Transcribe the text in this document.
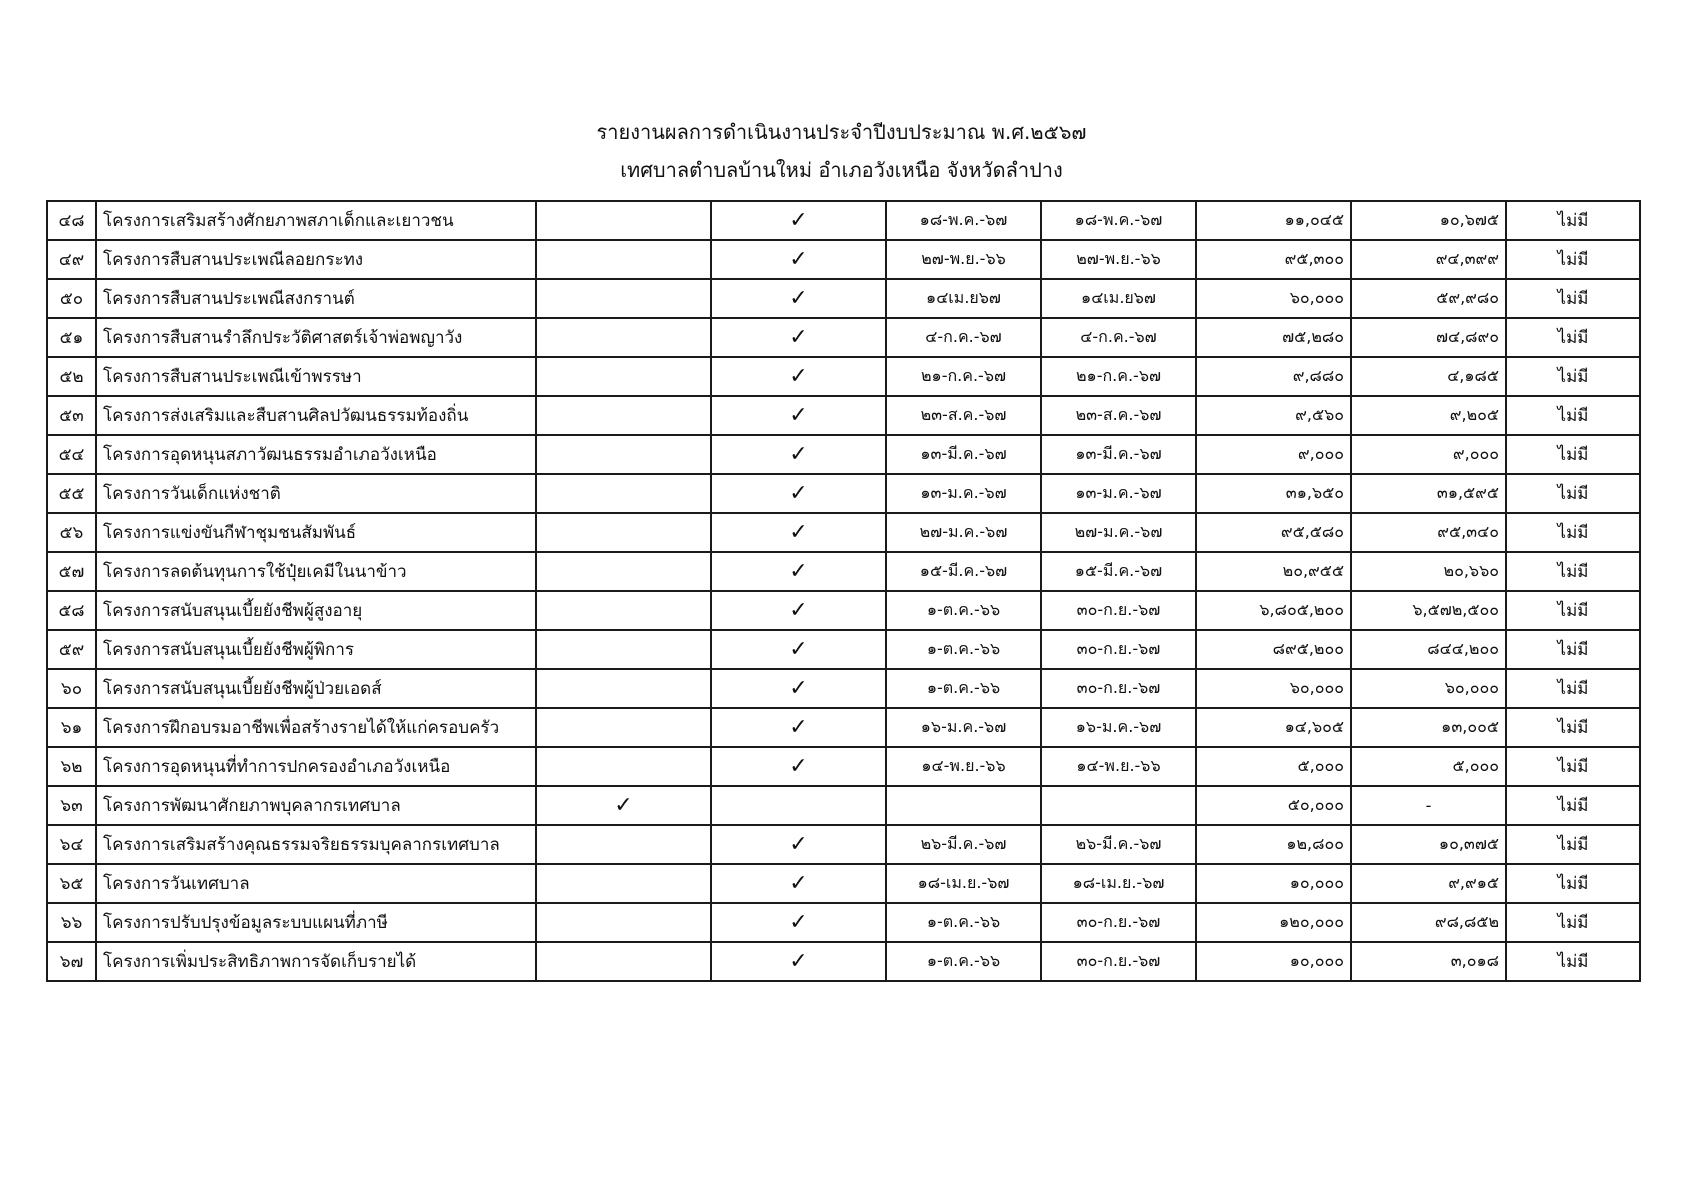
รายงานผลการดำเนินงานประจำปีงบประมาณ พ.ศ.๒๕๖๗
เทศบาลตำบลบ้านใหม่ อำเภอวังเหนือ จังหวัดลำปาง
๔๘	โครงการเสริมสร้างศักยภาพสภาเด็กและเยาวชน		✓	๑๘-พ.ค.-๖๗	๑๘-พ.ค.-๖๗	๑๑,๐๔๕	๑๐,๖๗๕	ไม่มี
๔๙	โครงการสืบสานประเพณีลอยกระทง		✓	๒๗-พ.ย.-๖๖	๒๗-พ.ย.-๖๖	๙๕,๓๐๐	๙๔,๓๙๙	ไม่มี
๕๐	โครงการสืบสานประเพณีสงกรานต์		✓	๑๔เม.ย๖๗	๑๔เม.ย๖๗	๖๐,๐๐๐	๕๙,๙๘๐	ไม่มี
๕๑	โครงการสืบสานรำลึกประวัติศาสตร์เจ้าพ่อพญาวัง		✓	๔-ก.ค.-๖๗	๔-ก.ค.-๖๗	๗๕,๒๘๐	๗๔,๘๙๐	ไม่มี
๕๒	โครงการสืบสานประเพณีเข้าพรรษา		✓	๒๑-ก.ค.-๖๗	๒๑-ก.ค.-๖๗	๙,๘๘๐	๔,๑๘๕	ไม่มี
๕๓	โครงการส่งเสริมและสืบสานศิลปวัฒนธรรมท้องถิ่น		✓	๒๓-ส.ค.-๖๗	๒๓-ส.ค.-๖๗	๙,๕๖๐	๙,๒๐๕	ไม่มี
๕๔	โครงการอุดหนุนสภาวัฒนธรรมอำเภอวังเหนือ		✓	๑๓-มี.ค.-๖๗	๑๓-มี.ค.-๖๗	๙,๐๐๐	๙,๐๐๐	ไม่มี
๕๕	โครงการวันเด็กแห่งชาติ		✓	๑๓-ม.ค.-๖๗	๑๓-ม.ค.-๖๗	๓๑,๖๕๐	๓๑,๕๙๕	ไม่มี
๕๖	โครงการแข่งขันกีฬาชุมชนสัมพันธ์		✓	๒๗-ม.ค.-๖๗	๒๗-ม.ค.-๖๗	๙๕,๕๘๐	๙๕,๓๔๐	ไม่มี
๕๗	โครงการลดต้นทุนการใช้ปุ๋ยเคมีในนาข้าว		✓	๑๕-มี.ค.-๖๗	๑๕-มี.ค.-๖๗	๒๐,๙๕๕	๒๐,๖๖๐	ไม่มี
๕๘	โครงการสนับสนุนเบี้ยยังชีพผู้สูงอายุ		✓	๑-ต.ค.-๖๖	๓๐-ก.ย.-๖๗	๖,๘๐๕,๒๐๐	๖,๕๗๒,๕๐๐	ไม่มี
๕๙	โครงการสนับสนุนเบี้ยยังชีพผู้พิการ		✓	๑-ต.ค.-๖๖	๓๐-ก.ย.-๖๗	๘๙๕,๒๐๐	๘๔๔,๒๐๐	ไม่มี
๖๐	โครงการสนับสนุนเบี้ยยังชีพผู้ป่วยเอดส์		✓	๑-ต.ค.-๖๖	๓๐-ก.ย.-๖๗	๖๐,๐๐๐	๖๐,๐๐๐	ไม่มี
๖๑	โครงการฝึกอบรมอาชีพเพื่อสร้างรายได้ให้แก่ครอบครัว		✓	๑๖-ม.ค.-๖๗	๑๖-ม.ค.-๖๗	๑๔,๖๐๕	๑๓,๐๐๕	ไม่มี
๖๒	โครงการอุดหนุนที่ทำการปกครองอำเภอวังเหนือ		✓	๑๔-พ.ย.-๖๖	๑๔-พ.ย.-๖๖	๕,๐๐๐	๕,๐๐๐	ไม่มี
๖๓	โครงการพัฒนาศักยภาพบุคลากรเทศบาล	✓				๕๐,๐๐๐	-	ไม่มี
๖๔	โครงการเสริมสร้างคุณธรรมจริยธรรมบุคลากรเทศบาล		✓	๒๖-มี.ค.-๖๗	๒๖-มี.ค.-๖๗	๑๒,๘๐๐	๑๐,๓๗๕	ไม่มี
๖๕	โครงการวันเทศบาล		✓	๑๘-เม.ย.-๖๗	๑๘-เม.ย.-๖๗	๑๐,๐๐๐	๙,๙๑๕	ไม่มี
๖๖	โครงการปรับปรุงข้อมูลระบบแผนที่ภาษี		✓	๑-ต.ค.-๖๖	๓๐-ก.ย.-๖๗	๑๒๐,๐๐๐	๙๘,๘๕๒	ไม่มี
๖๗	โครงการเพิ่มประสิทธิภาพการจัดเก็บรายได้		✓	๑-ต.ค.-๖๖	๓๐-ก.ย.-๖๗	๑๐,๐๐๐	๓,๐๑๘	ไม่มี
